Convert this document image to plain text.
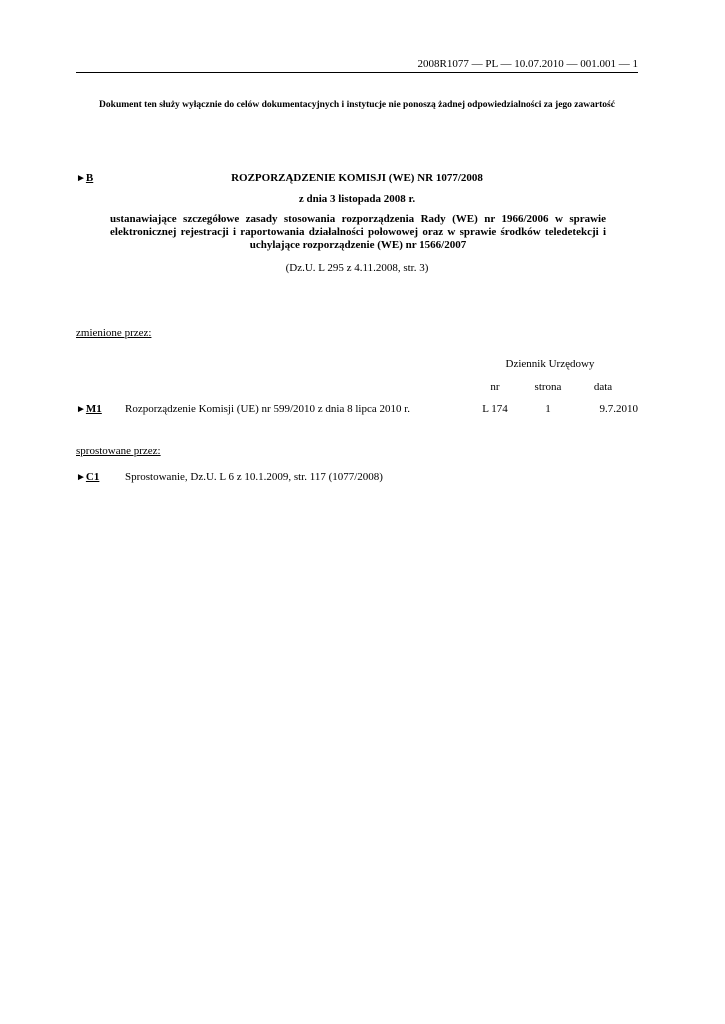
2008R1077 — PL — 10.07.2010 — 001.001 — 1
Dokument ten służy wyłącznie do celów dokumentacyjnych i instytucje nie ponoszą żadnej odpowiedzialności za jego zawartość
►B	ROZPORZĄDZENIE KOMISJI (WE) NR 1077/2008
z dnia 3 listopada 2008 r.
ustanawiające szczegółowe zasady stosowania rozporządzenia Rady (WE) nr 1966/2006 w sprawie elektronicznej rejestracji i raportowania działalności połowowej oraz w sprawie środków teledetekcji i uchylające rozporządzenie (WE) nr 1566/2007
(Dz.U. L 295 z 4.11.2008, str. 3)
zmienione przez:
Dziennik Urzędowy
nr	strona	data
►M1 Rozporządzenie Komisji (UE) nr 599/2010 z dnia 8 lipca 2010 r.	L 174	1	9.7.2010
sprostowane przez:
►C1 Sprostowanie, Dz.U. L 6 z 10.1.2009, str. 117 (1077/2008)
